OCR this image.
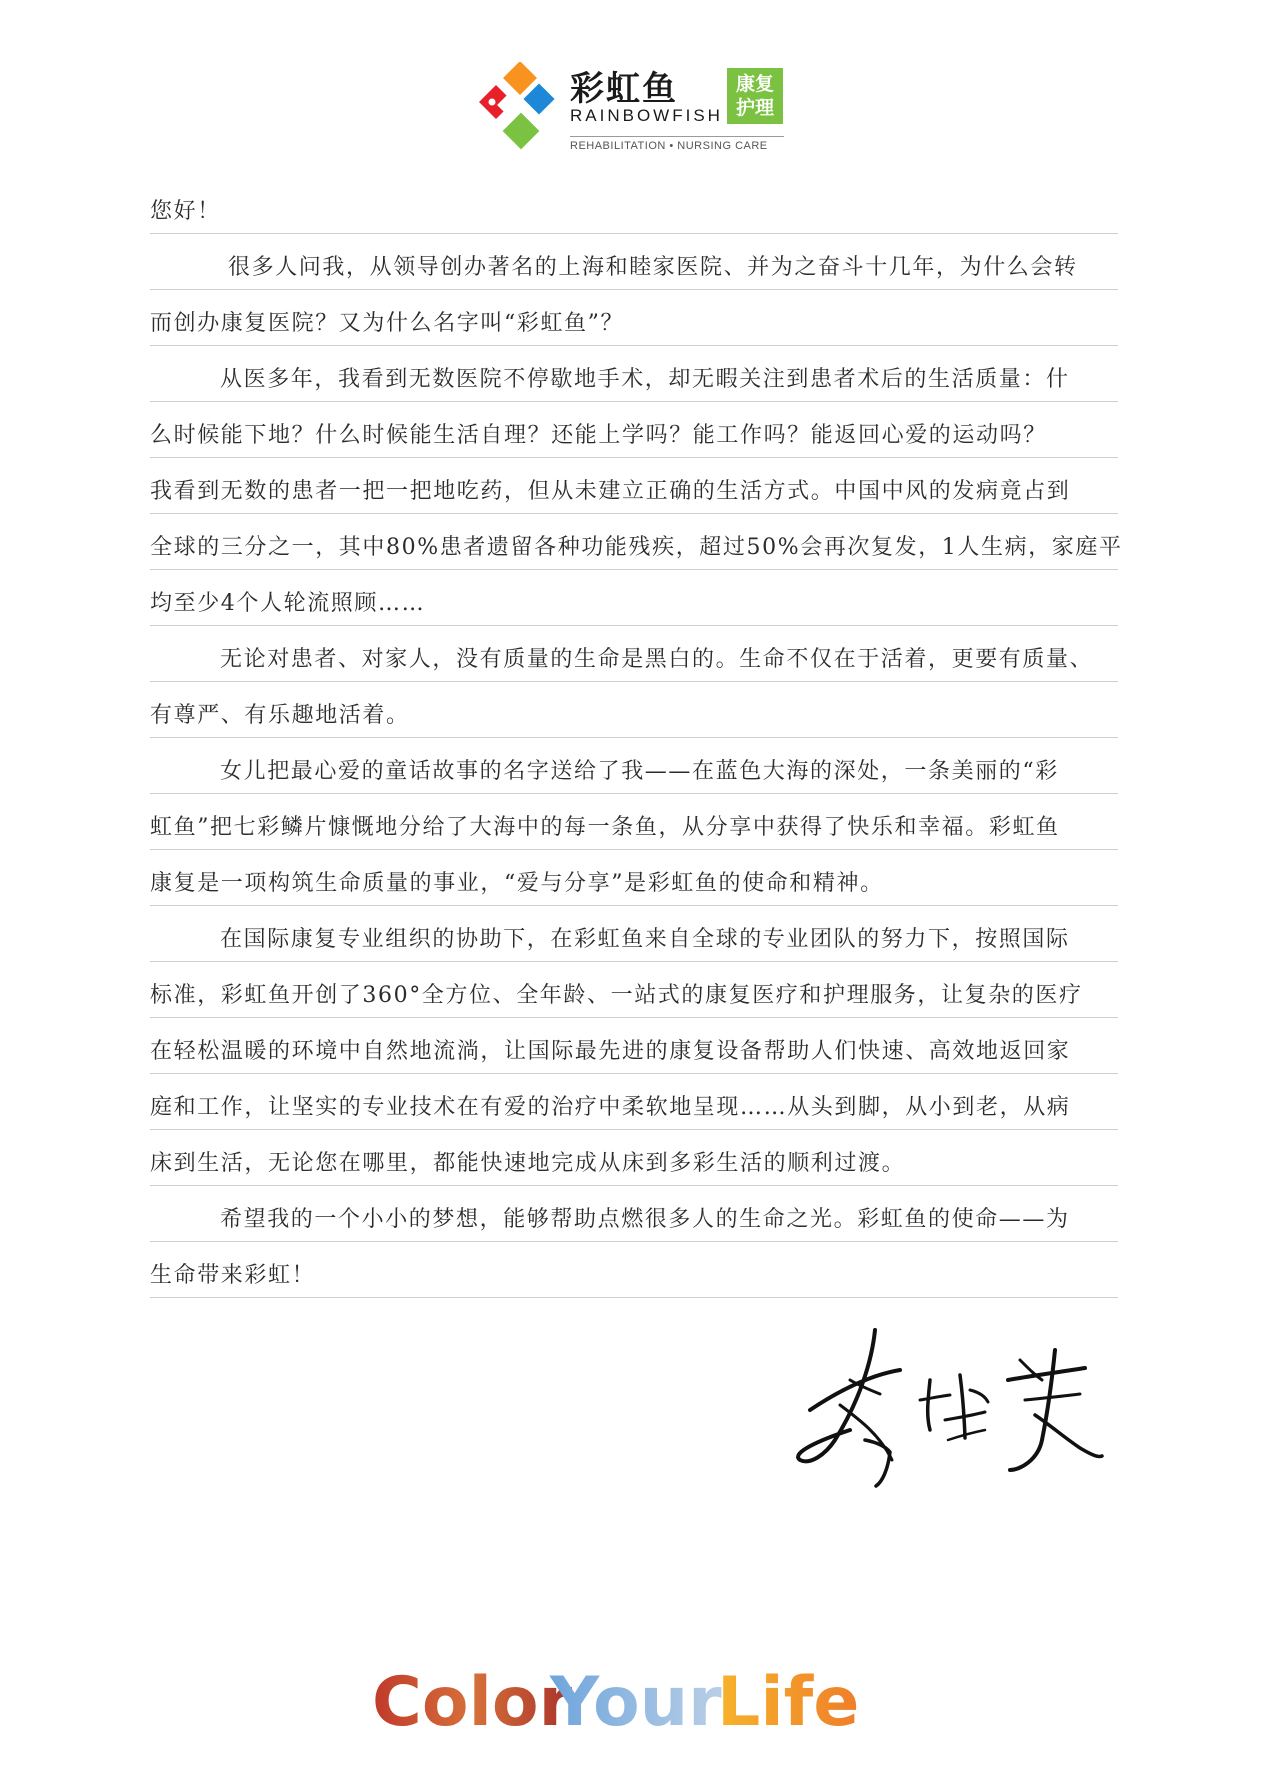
彩虹鱼
RAINBOWFISH
康复
护理
REHABILITATION • NURSING CARE
您好！
很多人问我，从领导创办著名的上海和睦家医院、并为之奋斗十几年，为什么会转
而创办康复医院？又为什么名字叫“彩虹鱼”？
从医多年，我看到无数医院不停歇地手术，却无暇关注到患者术后的生活质量：什
么时候能下地？什么时候能生活自理？还能上学吗？能工作吗？能返回心爱的运动吗？
我看到无数的患者一把一把地吃药，但从未建立正确的生活方式。中国中风的发病竟占到
全球的三分之一，其中80%患者遗留各种功能残疾，超过50%会再次复发，1人生病，家庭平
均至少4个人轮流照顾……
无论对患者、对家人，没有质量的生命是黑白的。生命不仅在于活着，更要有质量、
有尊严、有乐趣地活着。
女儿把最心爱的童话故事的名字送给了我——在蓝色大海的深处，一条美丽的“彩
虹鱼”把七彩鳞片慷慨地分给了大海中的每一条鱼，从分享中获得了快乐和幸福。彩虹鱼
康复是一项构筑生命质量的事业，“爱与分享”是彩虹鱼的使命和精神。
在国际康复专业组织的协助下，在彩虹鱼来自全球的专业团队的努力下，按照国际
标准，彩虹鱼开创了360°全方位、全年龄、一站式的康复医疗和护理服务，让复杂的医疗
在轻松温暖的环境中自然地流淌，让国际最先进的康复设备帮助人们快速、高效地返回家
庭和工作，让坚实的专业技术在有爱的治疗中柔软地呈现……从头到脚，从小到老，从病
床到生活，无论您在哪里，都能快速地完成从床到多彩生活的顺利过渡。
希望我的一个小小的梦想，能够帮助点燃很多人的生命之光。彩虹鱼的使命——为
生命带来彩虹！
Color
Your
Life
